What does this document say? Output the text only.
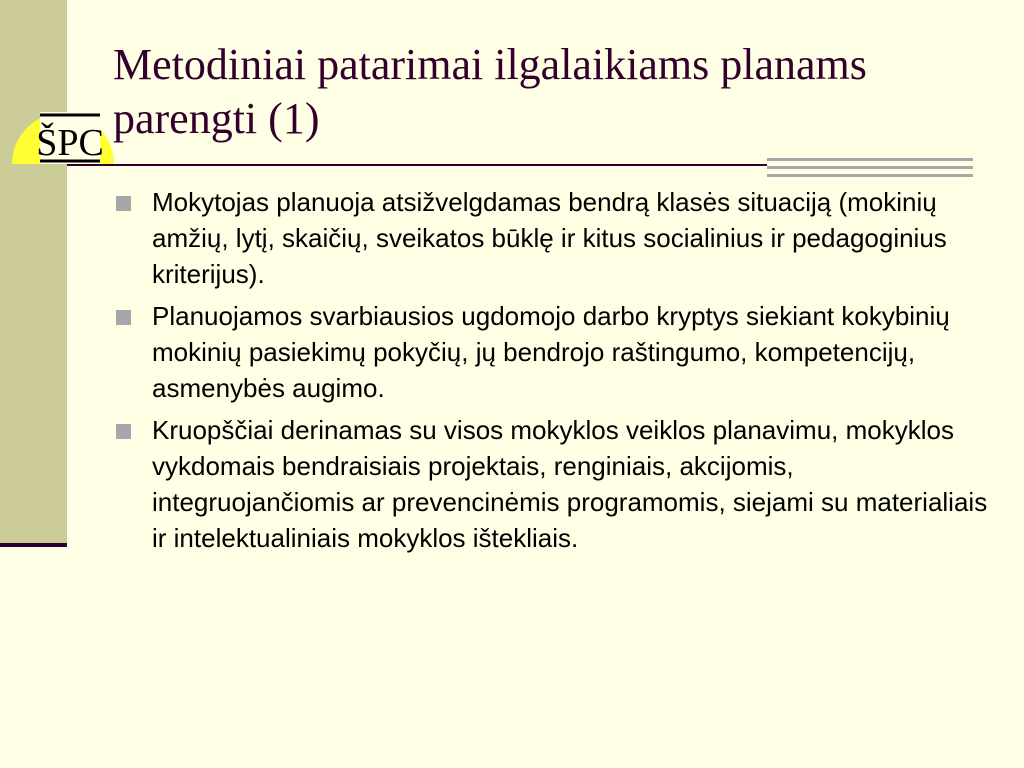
ŠPC
Metodiniai patarimai ilgalaikiams planams parengti (1)
Mokytojas planuoja atsižvelgdamas bendrą klasės situaciją (mokinių amžių, lytį, skaičių, sveikatos būklę ir kitus socialinius ir pedagoginius kriterijus).
Planuojamos svarbiausios ugdomojo darbo kryptys siekiant kokybinių mokinių pasiekimų pokyčių, jų bendrojo raštingumo, kompetencijų, asmenybės augimo.
Kruopščiai derinamas su visos mokyklos veiklos planavimu, mokyklos vykdomais bendraisiais projektais, renginiais, akcijomis, integruojančiomis ar prevencinėmis programomis, siejami su materialiais ir intelektualiniais mokyklos ištekliais.
